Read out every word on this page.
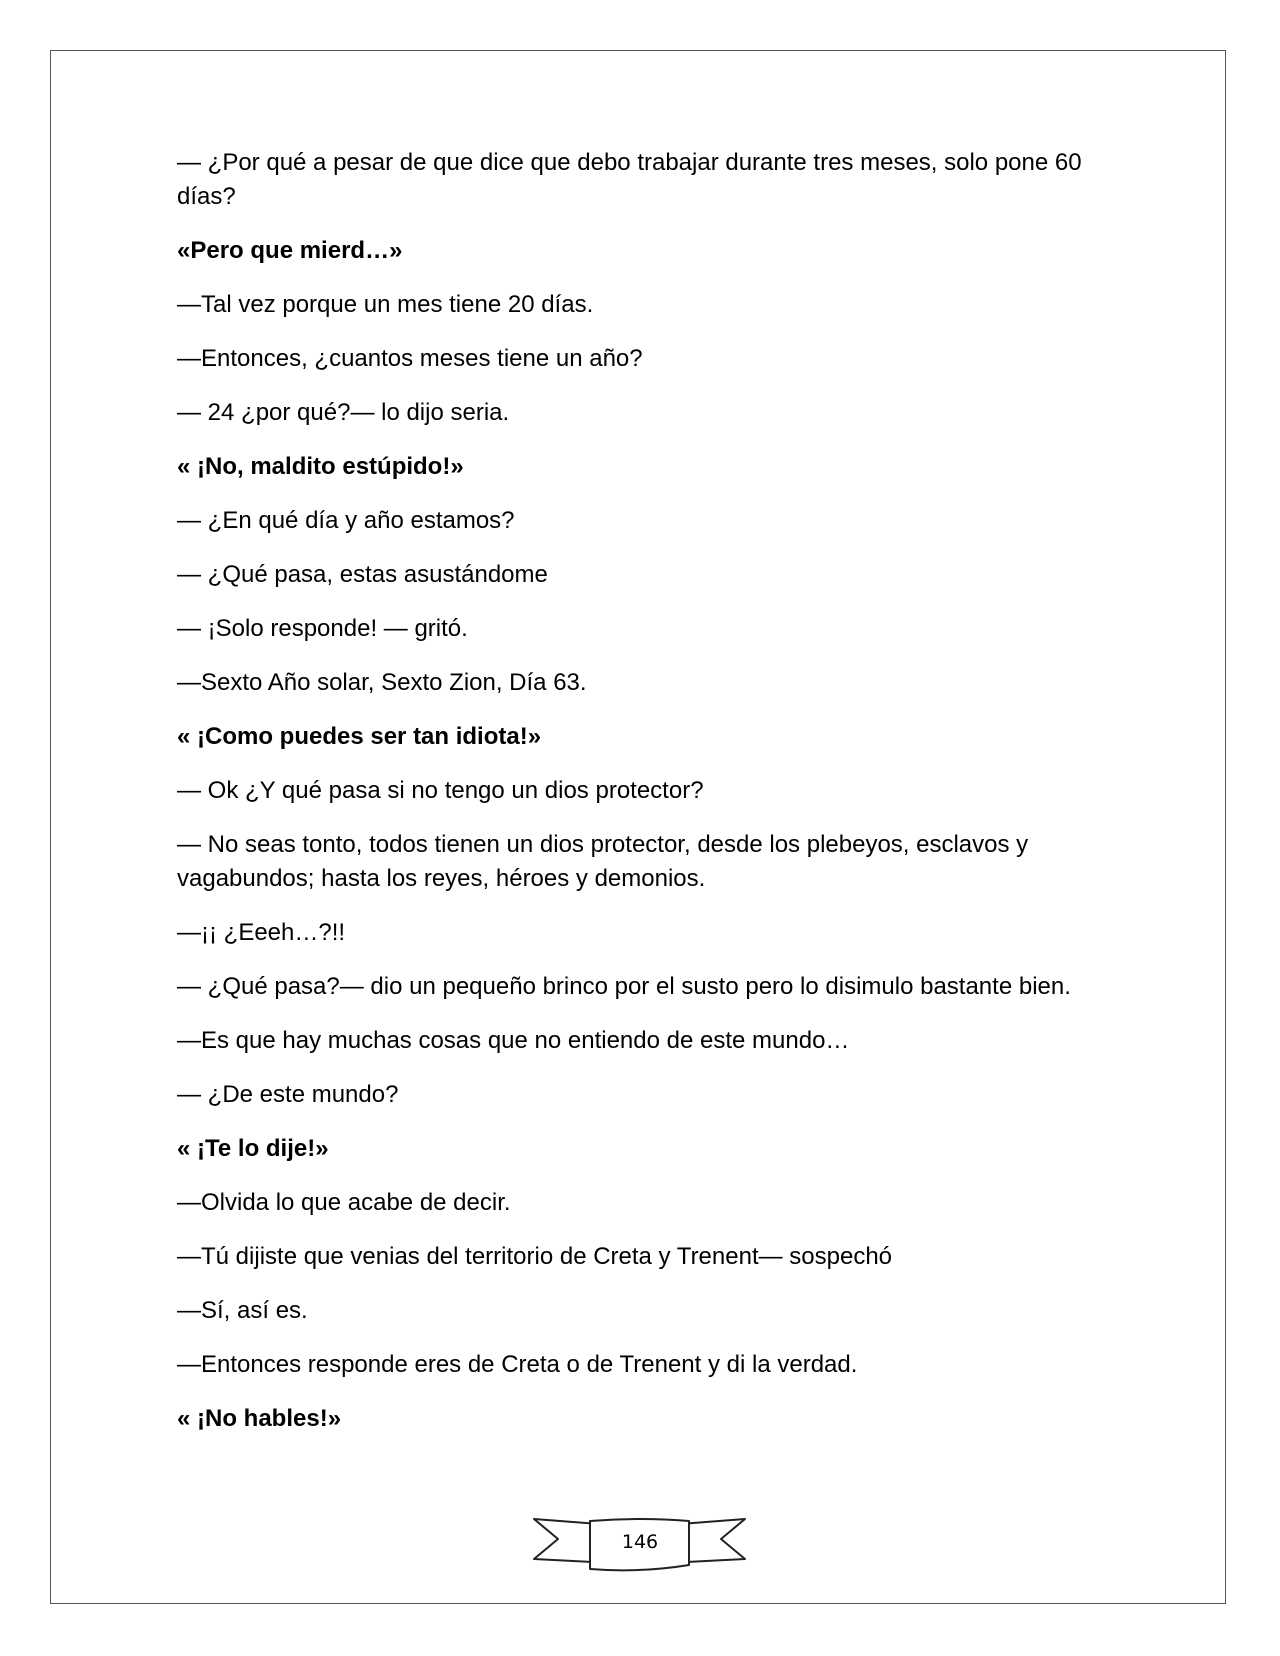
— ¿Por qué a pesar de que dice que debo trabajar durante tres meses, solo pone 60 días?

«Pero que mierd…»

—Tal vez porque un mes tiene 20 días.

—Entonces, ¿cuantos meses tiene un año?

— 24 ¿por qué?— lo dijo seria.

« ¡No, maldito estúpido!»

— ¿En qué día y año estamos?

— ¿Qué pasa, estas asustándome

— ¡Solo responde! — gritó.

—Sexto Año solar, Sexto Zion, Día 63.

« ¡Como puedes ser tan idiota!»

— Ok ¿Y qué pasa si no tengo un dios protector?

— No seas tonto, todos tienen un dios protector, desde los plebeyos, esclavos y vagabundos; hasta los reyes, héroes y demonios.

—¡¡ ¿Eeeh…?!!

— ¿Qué pasa?— dio un pequeño brinco por el susto pero lo disimulo bastante bien.

—Es que hay muchas cosas que no entiendo de este mundo…

— ¿De este mundo?

« ¡Te lo dije!»

—Olvida lo que acabe de decir.

—Tú dijiste que venias del territorio de Creta y Trenent— sospechó

—Sí, así es.

—Entonces responde eres de Creta o de Trenent y di la verdad.

« ¡No hables!»

146
